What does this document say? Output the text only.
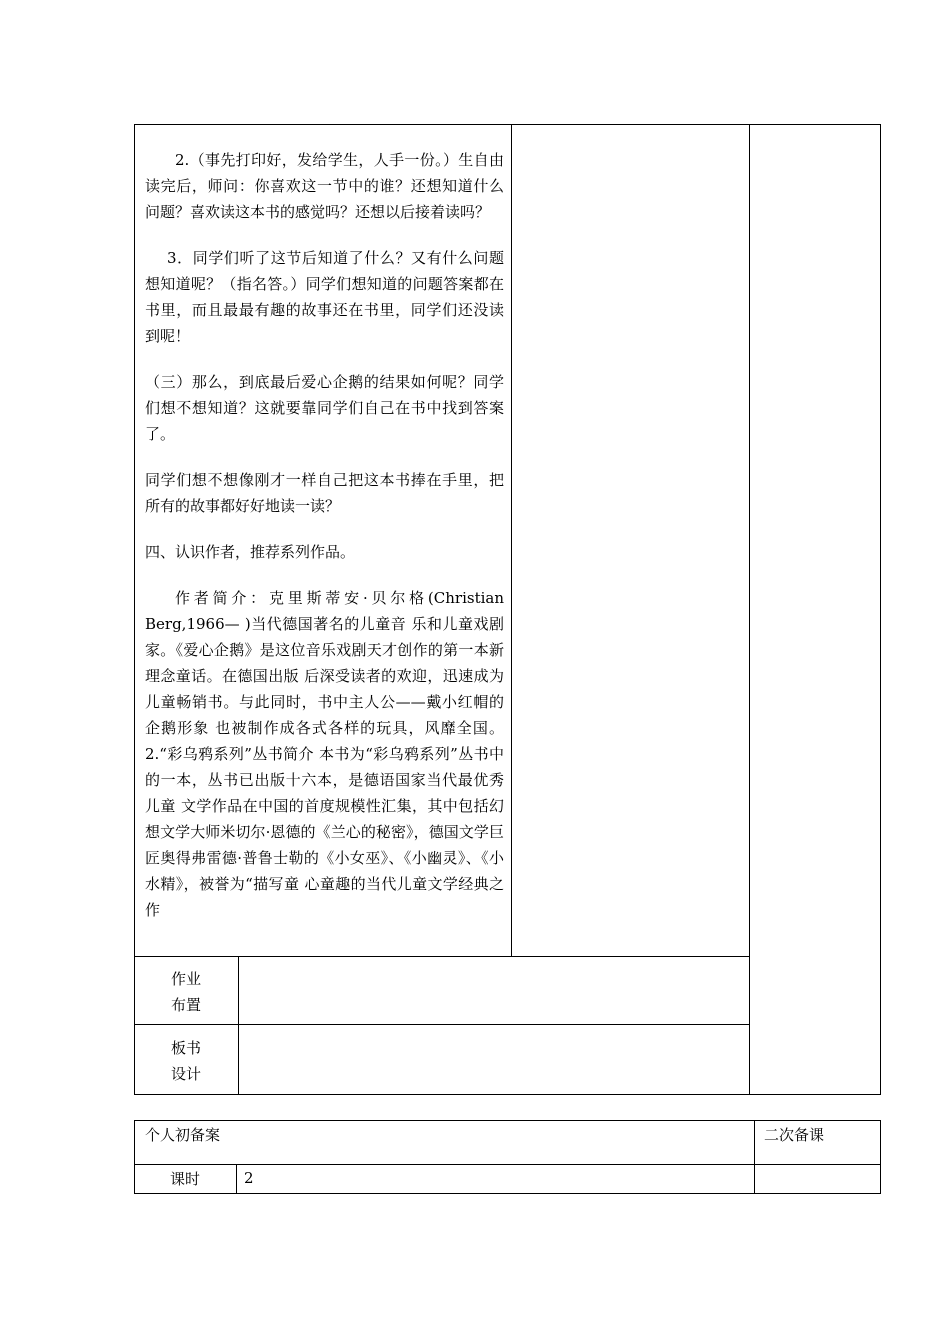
2.（事先打印好，发给学生，人手一份。）生自由读完后，师问：你喜欢这一节中的谁？还想知道什么问题？喜欢读这本书的感觉吗？还想以后接着读吗？

3．同学们听了这节后知道了什么？又有什么问题想知道呢？（指名答。）同学们想知道的问题答案都在书里，而且最最有趣的故事还在书里，同学们还没读到呢！

（三）那么，到底最后爱心企鹅的结果如何呢？同学们想不想知道？这就要靠同学们自己在书中找到答案了。

同学们想不想像刚才一样自己把这本书捧在手里，把所有的故事都好好地读一读？

四、认识作者，推荐系列作品。

作者简介：克里斯蒂安·贝尔格(Christian Berg,1966— )当代德国著名的儿童音 乐和儿童戏剧家。《爱心企鹅》是这位音乐戏剧天才创作的第一本新理念童话。在德国出版 后深受读者的欢迎，迅速成为儿童畅销书。与此同时，书中主人公——戴小红帽的企鹅形象 也被制作成各式各样的玩具，风靡全国。 2.“彩乌鸦系列”丛书简介 本书为“彩乌鸦系列”丛书中的一本，丛书已出版十六本，是德语国家当代最优秀儿童 文学作品在中国的首度规模性汇集，其中包括幻想文学大师米切尔·恩德的《兰心的秘密》，德国文学巨匠奥得弗雷德·普鲁士勒的《小女巫》、《小幽灵》、《小水精》，被誉为“描写童 心童趣的当代儿童文学经典之作

作业
布置
板书
设计
个人初备案	二次备课
课时	2
